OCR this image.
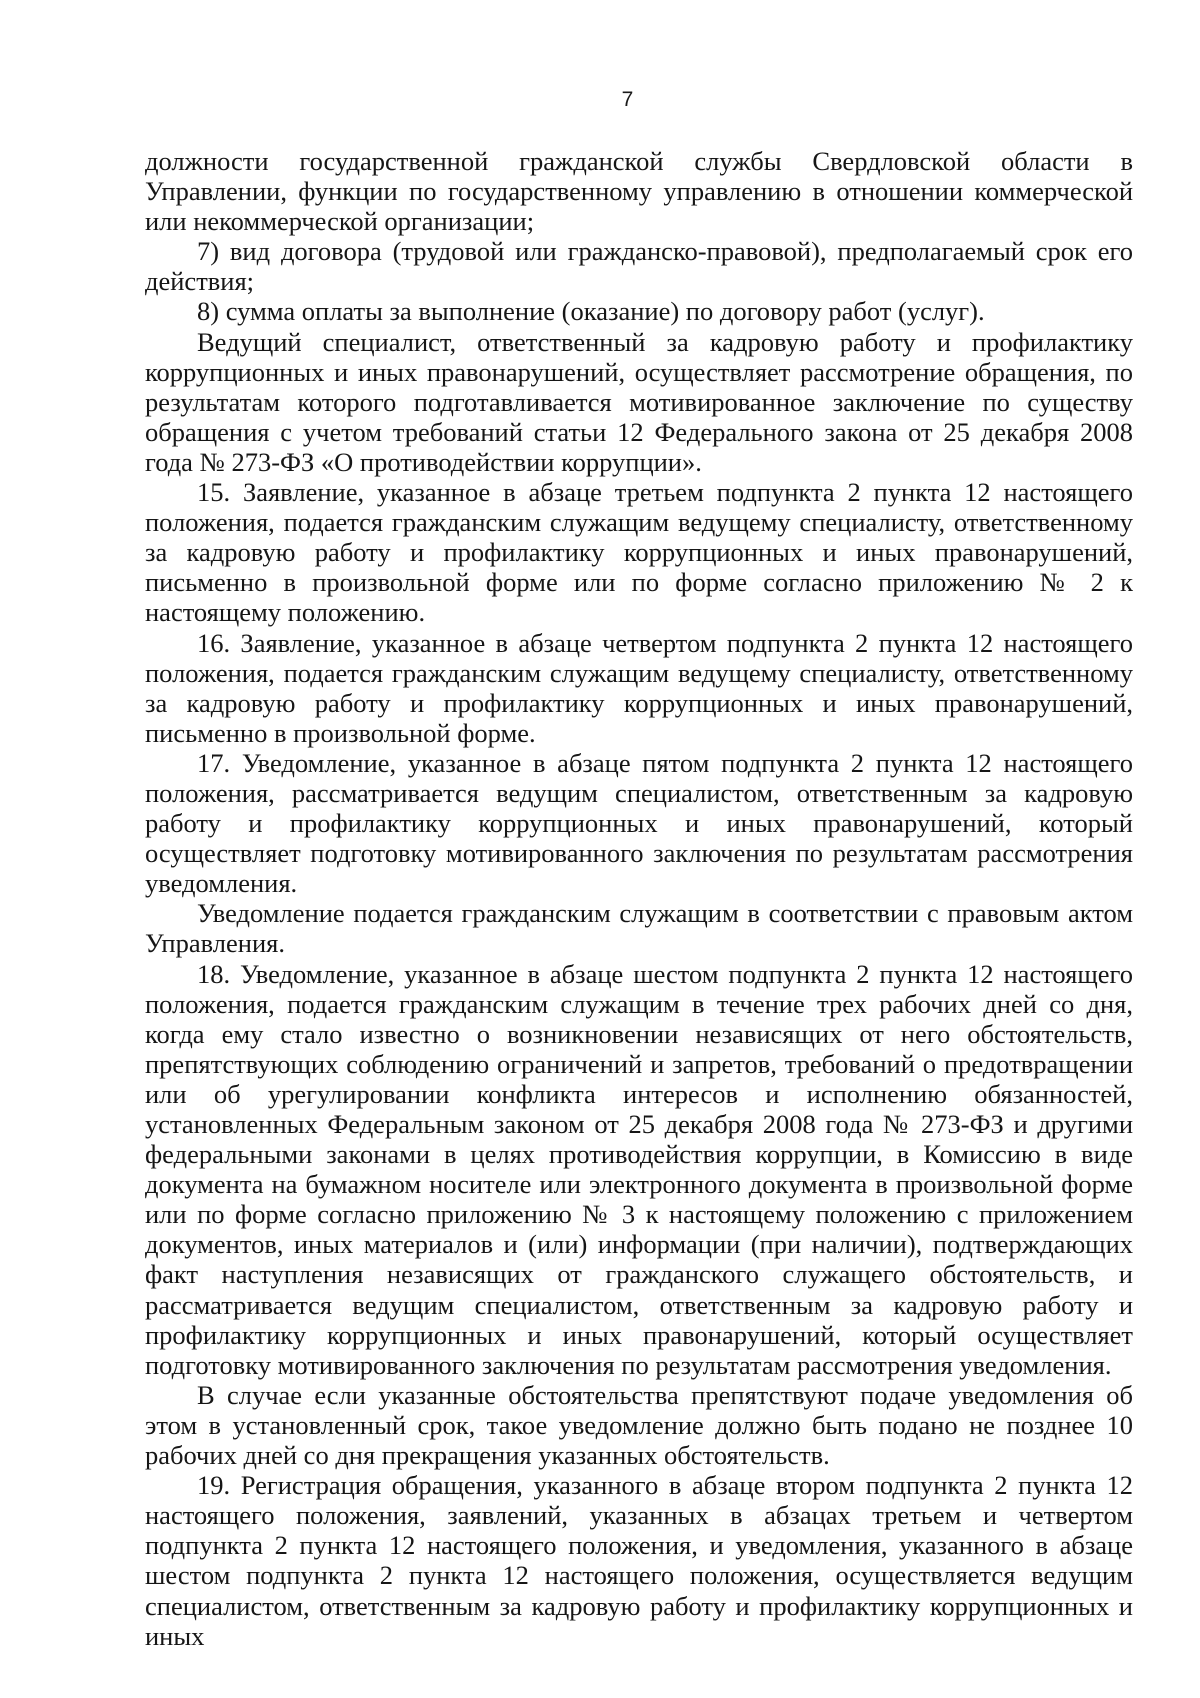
7

должности государственной гражданской службы Свердловской области в Управлении, функции по государственному управлению в отношении коммерческой или некоммерческой организации;

7) вид договора (трудовой или гражданско-правовой), предполагаемый срок его действия;

8) сумма оплаты за выполнение (оказание) по договору работ (услуг).

Ведущий специалист, ответственный за кадровую работу и профилактику коррупционных и иных правонарушений, осуществляет рассмотрение обращения, по результатам которого подготавливается мотивированное заключение по существу обращения с учетом требований статьи 12 Федерального закона от 25 декабря 2008 года № 273-ФЗ «О противодействии коррупции».

15. Заявление, указанное в абзаце третьем подпункта 2 пункта 12 настоящего положения, подается гражданским служащим ведущему специалисту, ответственному за кадровую работу и профилактику коррупционных и иных правонарушений, письменно в произвольной форме или по форме согласно приложению № 2 к настоящему положению.

16. Заявление, указанное в абзаце четвертом подпункта 2 пункта 12 настоящего положения, подается гражданским служащим ведущему специалисту, ответственному за кадровую работу и профилактику коррупционных и иных правонарушений, письменно в произвольной форме.

17. Уведомление, указанное в абзаце пятом подпункта 2 пункта 12 настоящего положения, рассматривается ведущим специалистом, ответственным за кадровую работу и профилактику коррупционных и иных правонарушений, который осуществляет подготовку мотивированного заключения по результатам рассмотрения уведомления.

Уведомление подается гражданским служащим в соответствии с правовым актом Управления.

18. Уведомление, указанное в абзаце шестом подпункта 2 пункта 12 настоящего положения, подается гражданским служащим в течение трех рабочих дней со дня, когда ему стало известно о возникновении независящих от него обстоятельств, препятствующих соблюдению ограничений и запретов, требований о предотвращении или об урегулировании конфликта интересов и исполнению обязанностей, установленных Федеральным законом от 25 декабря 2008 года № 273-ФЗ и другими федеральными законами в целях противодействия коррупции, в Комиссию в виде документа на бумажном носителе или электронного документа в произвольной форме или по форме согласно приложению № 3 к настоящему положению с приложением документов, иных материалов и (или) информации (при наличии), подтверждающих факт наступления независящих от гражданского служащего обстоятельств, и рассматривается ведущим специалистом, ответственным за кадровую работу и профилактику коррупционных и иных правонарушений, который осуществляет подготовку мотивированного заключения по результатам рассмотрения уведомления.

В случае если указанные обстоятельства препятствуют подаче уведомления об этом в установленный срок, такое уведомление должно быть подано не позднее 10 рабочих дней со дня прекращения указанных обстоятельств.

19. Регистрация обращения, указанного в абзаце втором подпункта 2 пункта 12 настоящего положения, заявлений, указанных в абзацах третьем и четвертом подпункта 2 пункта 12 настоящего положения, и уведомления, указанного в абзаце шестом подпункта 2 пункта 12 настоящего положения, осуществляется ведущим специалистом, ответственным за кадровую работу и профилактику коррупционных и иных
